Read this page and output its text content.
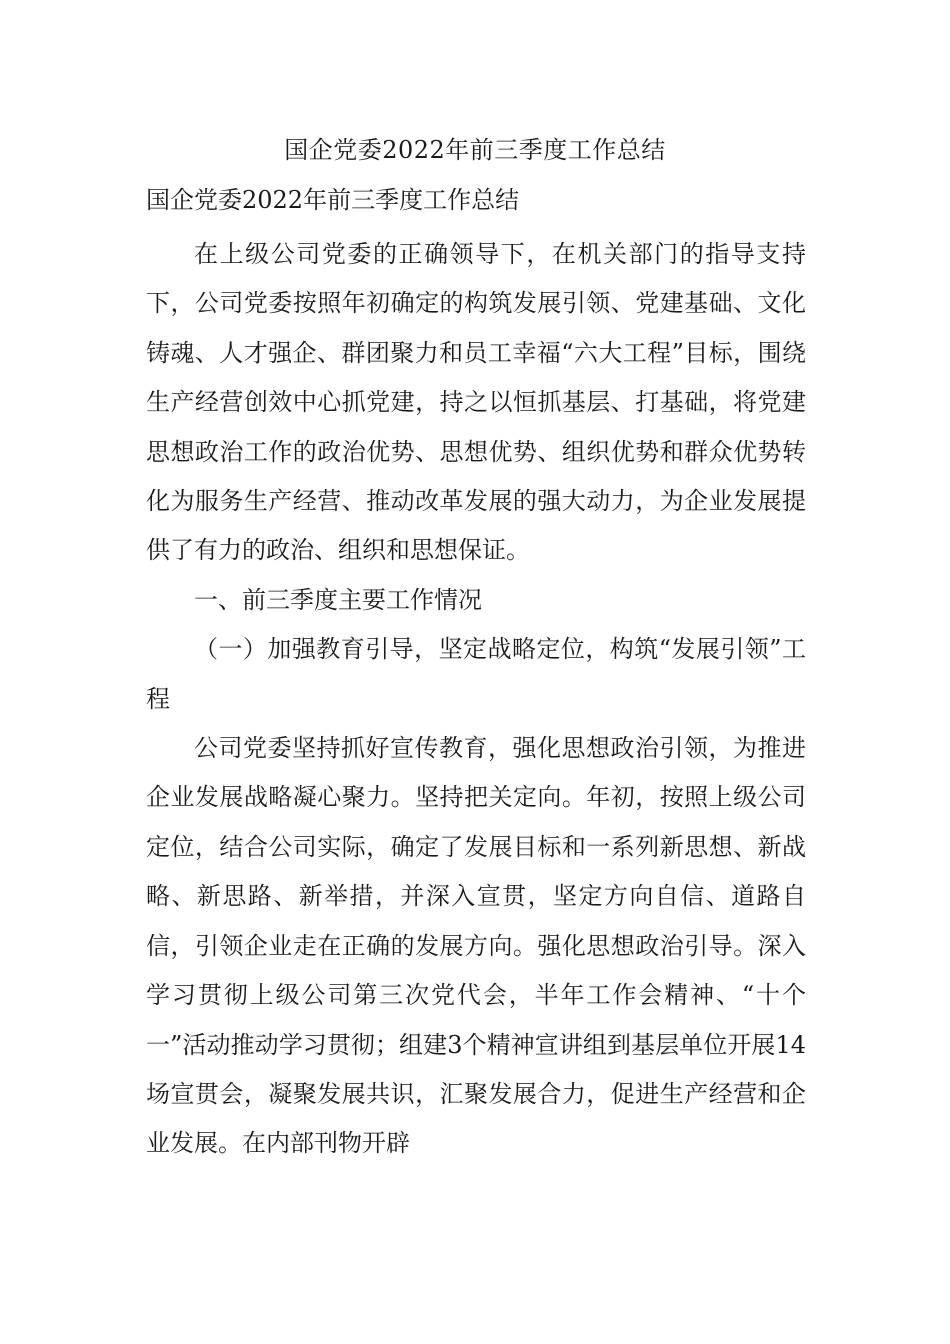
国企党委2022年前三季度工作总结
国企党委2022年前三季度工作总结

在上级公司党委的正确领导下，在机关部门的指导支持下，公司党委按照年初确定的构筑发展引领、党建基础、文化铸魂、人才强企、群团聚力和员工幸福“六大工程”目标，围绕生产经营创效中心抓党建，持之以恒抓基层、打基础，将党建思想政治工作的政治优势、思想优势、组织优势和群众优势转化为服务生产经营、推动改革发展的强大动力，为企业发展提供了有力的政治、组织和思想保证。

一、前三季度主要工作情况

（一）加强教育引导，坚定战略定位，构筑“发展引领”工程

公司党委坚持抓好宣传教育，强化思想政治引领，为推进企业发展战略凝心聚力。坚持把关定向。年初，按照上级公司定位，结合公司实际，确定了发展目标和一系列新思想、新战略、新思路、新举措，并深入宣贯，坚定方向自信、道路自信，引领企业走在正确的发展方向。强化思想政治引导。深入学习贯彻上级公司第三次党代会，半年工作会精神、“十个一”活动推动学习贯彻；组建3个精神宣讲组到基层单位开展14场宣贯会，凝聚发展共识，汇聚发展合力，促进生产经营和企业发展。在内部刊物开辟
